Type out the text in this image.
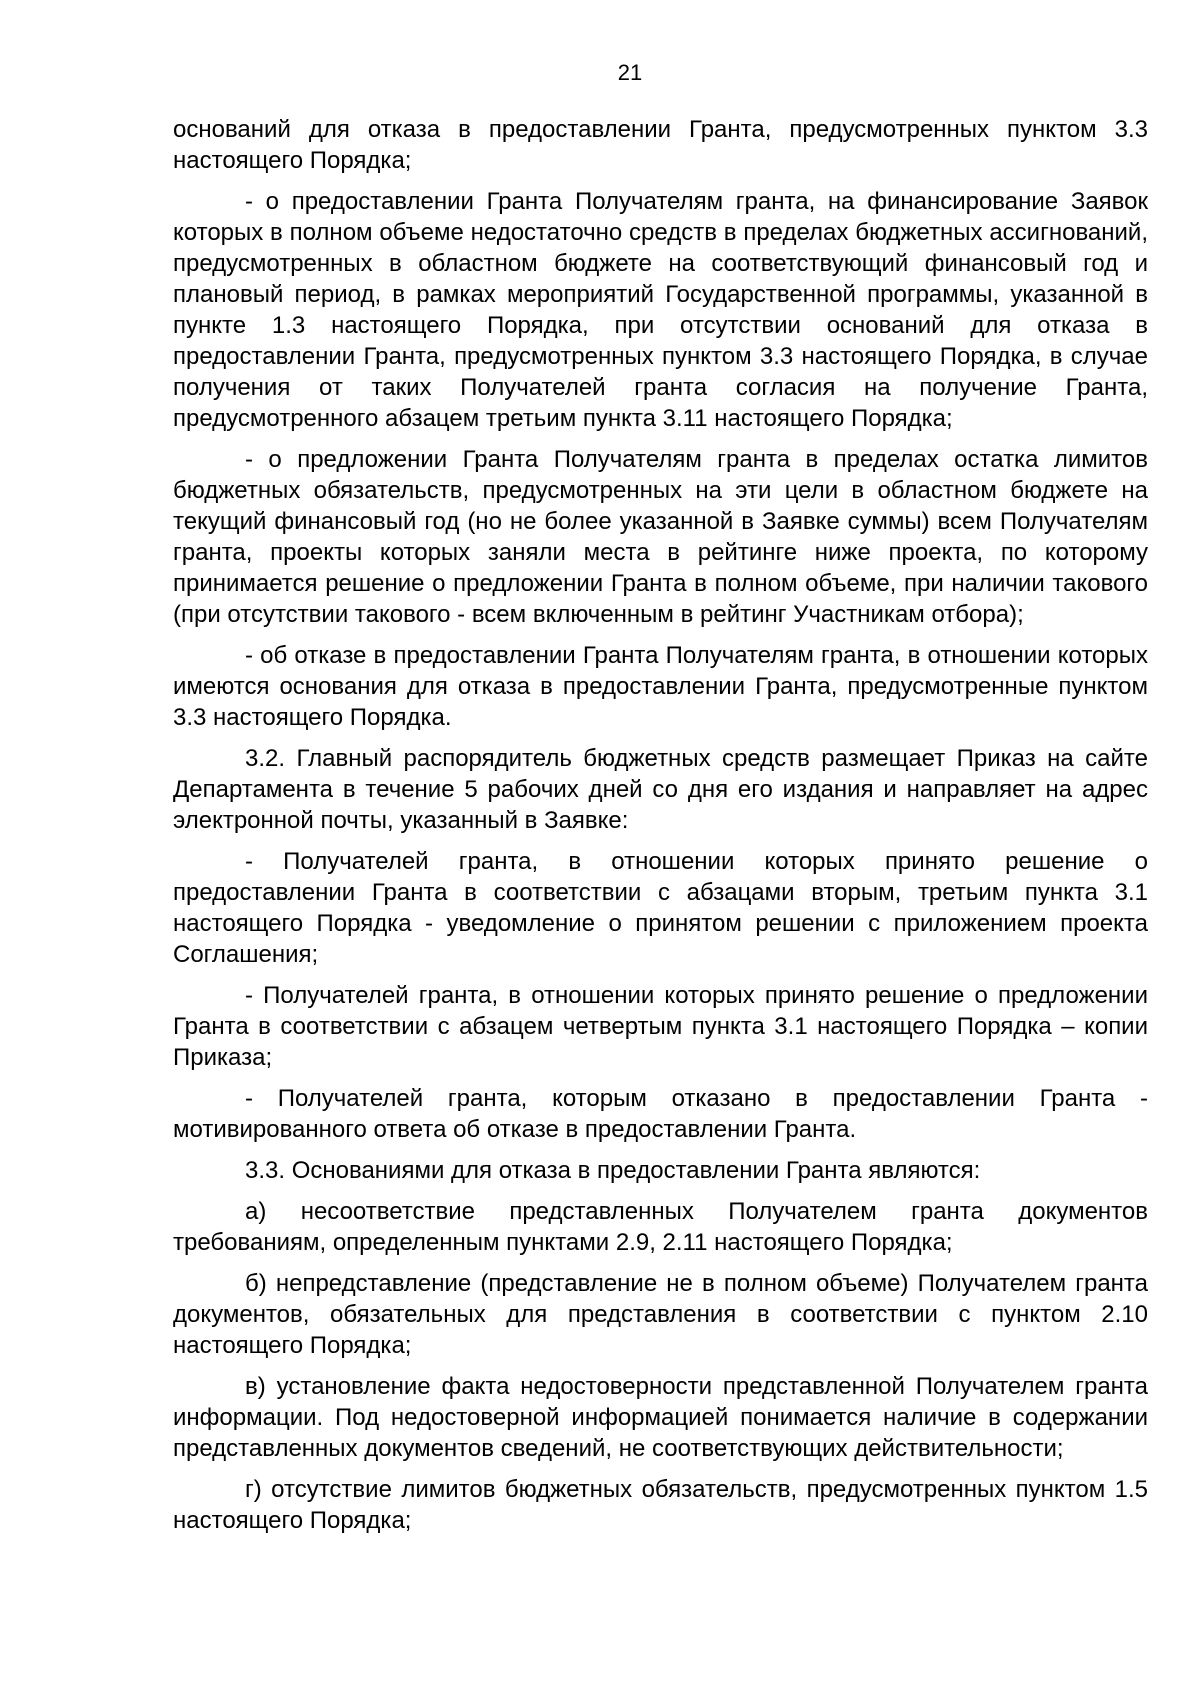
21

оснований для отказа в предоставлении Гранта, предусмотренных пунктом 3.3 настоящего Порядка;

- о предоставлении Гранта Получателям гранта, на финансирование Заявок которых в полном объеме недостаточно средств в пределах бюджетных ассигнований, предусмотренных в областном бюджете на соответствующий финансовый год и плановый период, в рамках мероприятий Государственной программы, указанной в пункте 1.3 настоящего Порядка, при отсутствии оснований для отказа в предоставлении Гранта, предусмотренных пунктом 3.3 настоящего Порядка, в случае получения от таких Получателей гранта согласия на получение Гранта, предусмотренного абзацем третьим пункта 3.11 настоящего Порядка;

- о предложении Гранта Получателям гранта в пределах остатка лимитов бюджетных обязательств, предусмотренных на эти цели в областном бюджете на текущий финансовый год (но не более указанной в Заявке суммы) всем Получателям гранта, проекты которых заняли места в рейтинге ниже проекта, по которому принимается решение о предложении Гранта в полном объеме, при наличии такового (при отсутствии такового - всем включенным в рейтинг Участникам отбора);

- об отказе в предоставлении Гранта Получателям гранта, в отношении которых имеются основания для отказа в предоставлении Гранта, предусмотренные пунктом 3.3 настоящего Порядка.

3.2. Главный распорядитель бюджетных средств размещает Приказ на сайте Департамента в течение 5 рабочих дней со дня его издания и направляет на адрес электронной почты, указанный в Заявке:

- Получателей гранта, в отношении которых принято решение о предоставлении Гранта в соответствии с абзацами вторым, третьим пункта 3.1 настоящего Порядка - уведомление о принятом решении с приложением проекта Соглашения;

- Получателей гранта, в отношении которых принято решение о предложении Гранта в соответствии с абзацем четвертым пункта 3.1 настоящего Порядка – копии Приказа;

- Получателей гранта, которым отказано в предоставлении Гранта - мотивированного ответа об отказе в предоставлении Гранта.

3.3. Основаниями для отказа в предоставлении Гранта являются:

а) несоответствие представленных Получателем гранта документов требованиям, определенным пунктами 2.9, 2.11 настоящего Порядка;

б) непредставление (представление не в полном объеме) Получателем гранта документов, обязательных для представления в соответствии с пунктом 2.10 настоящего Порядка;

в) установление факта недостоверности представленной Получателем гранта информации. Под недостоверной информацией понимается наличие в содержании представленных документов сведений, не соответствующих действительности;

г) отсутствие лимитов бюджетных обязательств, предусмотренных пунктом 1.5 настоящего Порядка;
